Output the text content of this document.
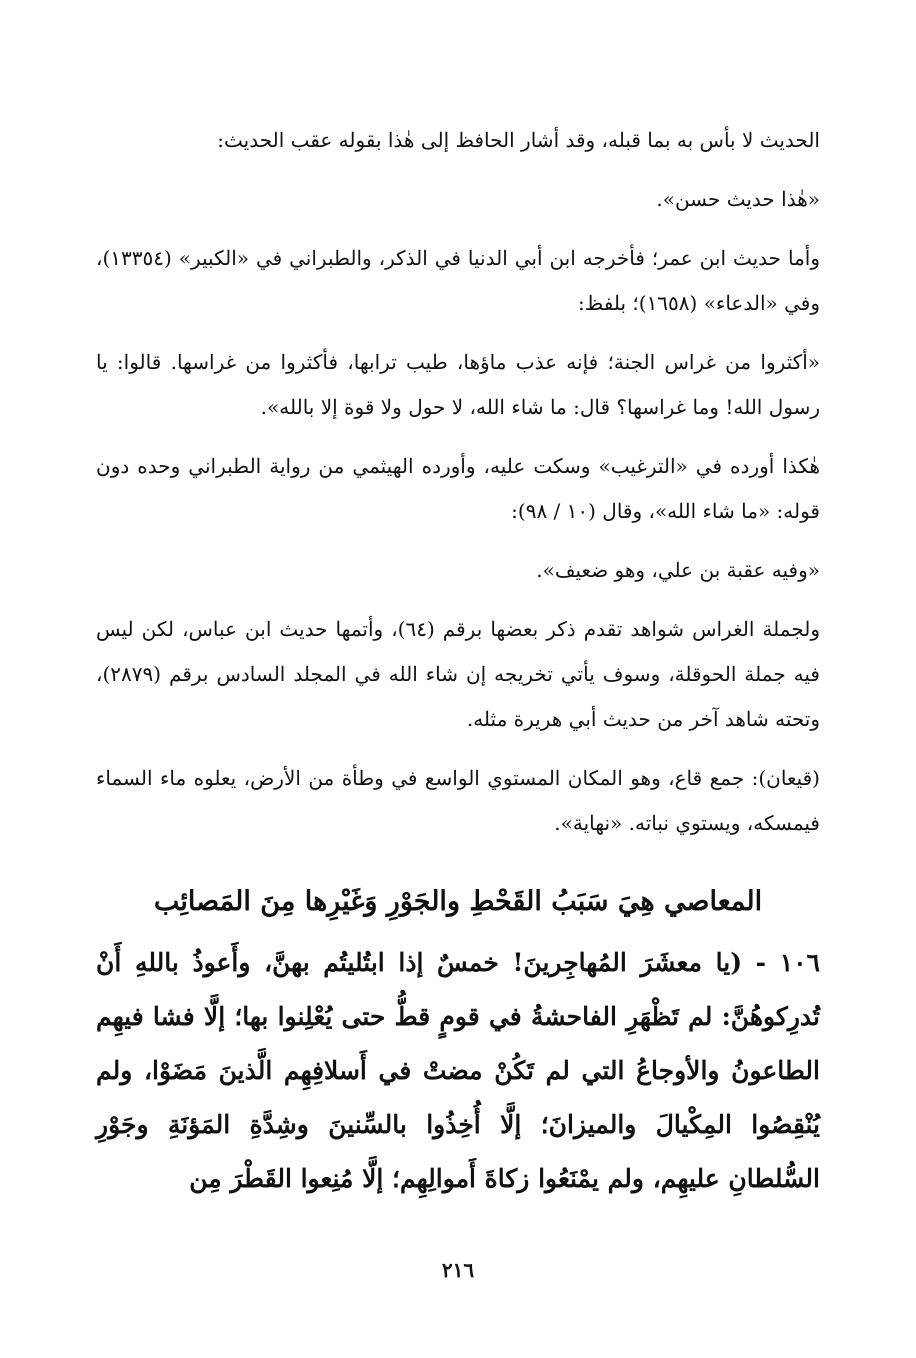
الحديث لا بأس به بما قبله، وقد أشار الحافظ إلى هٰذا بقوله عقب الحديث:

«هٰذا حديث حسن».

وأما حديث ابن عمر؛ فأخرجه ابن أبي الدنيا في الذكر، والطبراني في «الكبير» (١٣٣٥٤)، وفي «الدعاء» (١٦٥٨)؛ بلفظ:

«أكثروا من غراس الجنة؛ فإنه عذب ماؤها، طيب ترابها، فأكثروا من غراسها. قالوا: يا رسول الله! وما غراسها؟ قال: ما شاء الله، لا حول ولا قوة إلا بالله».

هٰكذا أورده في «الترغيب» وسكت عليه، وأورده الهيثمي من رواية الطبراني وحده دون قوله: «ما شاء الله»، وقال (١٠ / ٩٨):

«وفيه عقبة بن علي، وهو ضعيف».

ولجملة الغراس شواهد تقدم ذكر بعضها برقم (٦٤)، وأتمها حديث ابن عباس، لكن ليس فيه جملة الحوقلة، وسوف يأتي تخريجه إن شاء الله في المجلد السادس برقم (٢٨٧٩)، وتحته شاهد آخر من حديث أبي هريرة مثله.

(قيعان): جمع قاع، وهو المكان المستوي الواسع في وطأة من الأرض، يعلوه ماء السماء فيمسكه، ويستوي نباته. «نهاية».

المعاصي هِيَ سَبَبُ القَحْطِ والجَوْرِ وَغَيْرِها مِنَ المَصائِب

١٠٦ - (يا معشَرَ المُهاجِرينَ! خمسٌ إذا ابتُليتُم بهنَّ، وأَعوذُ باللهِ أَنْ تُدرِكوهُنَّ: لم تَظْهَرِ الفاحشةُ في قومٍ قطُّ حتى يُعْلِنوا بها؛ إلَّا فشا فيهِم الطاعونُ والأوجاعُ التي لم تَكُنْ مضتْ في أَسلافِهِم الَّذينَ مَضَوْا، ولم يُنْقِصُوا المِكْيالَ والميزانَ؛ إلَّا أُخِذُوا بالسِّنينَ وشِدَّةِ المَؤنَةِ وجَوْرِ السُّلطانِ عليهِم، ولم يمْنَعُوا زكاةَ أَموالِهِم؛ إلَّا مُنِعوا القَطْرَ مِن

٢١٦
